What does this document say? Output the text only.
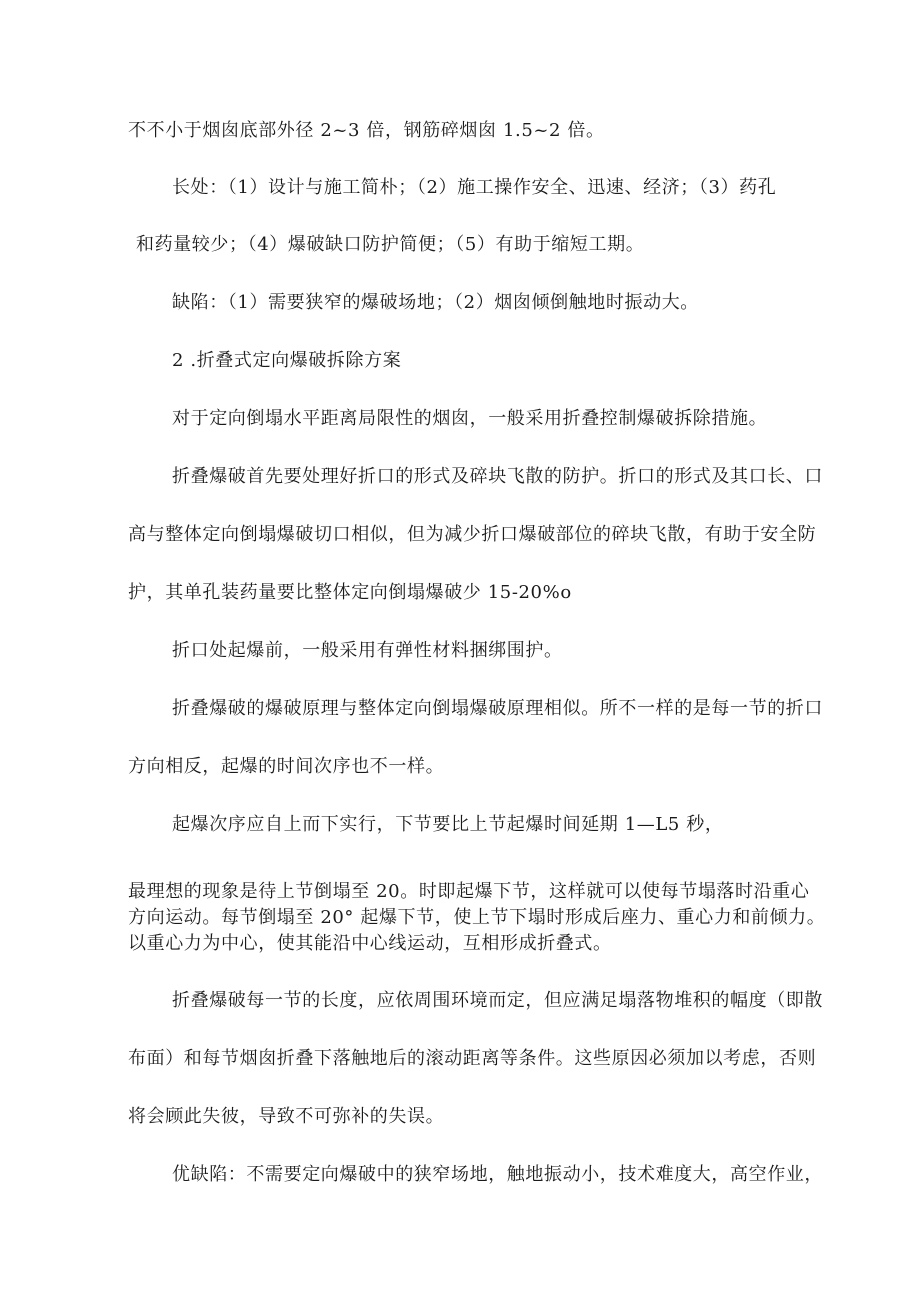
不不小于烟囱底部外径 2~3 倍，钢筋碎烟囱 1.5~2 倍。
长处：（1）设计与施工简朴；（2）施工操作安全、迅速、经济；（3）药孔
和药量较少；（4）爆破缺口防护简便；（5）有助于缩短工期。
缺陷：（1）需要狭窄的爆破场地；（2）烟囱倾倒触地时振动大。
2 .折叠式定向爆破拆除方案
对于定向倒塌水平距离局限性的烟囱，一般采用折叠控制爆破拆除措施。
折叠爆破首先要处理好折口的形式及碎块飞散的防护。折口的形式及其口长、口
高与整体定向倒塌爆破切口相似，但为减少折口爆破部位的碎块飞散，有助于安全防
护，其单孔装药量要比整体定向倒塌爆破少 15-20%o
折口处起爆前，一般采用有弹性材料捆绑围护。
折叠爆破的爆破原理与整体定向倒塌爆破原理相似。所不一样的是每一节的折口
方向相反，起爆的时间次序也不一样。
起爆次序应自上而下实行，下节要比上节起爆时间延期 1—L5 秒，
最理想的现象是待上节倒塌至 20。时即起爆下节，这样就可以使每节塌落时沿重心
方向运动。每节倒塌至 20° 起爆下节，使上节下塌时形成后座力、重心力和前倾力。
以重心力为中心，使其能沿中心线运动，互相形成折叠式。
折叠爆破每一节的长度，应依周围环境而定，但应满足塌落物堆积的幅度（即散
布面）和每节烟囱折叠下落触地后的滚动距离等条件。这些原因必须加以考虑，否则
将会顾此失彼，导致不可弥补的失误。
优缺陷：不需要定向爆破中的狭窄场地，触地振动小，技术难度大，高空作业，
